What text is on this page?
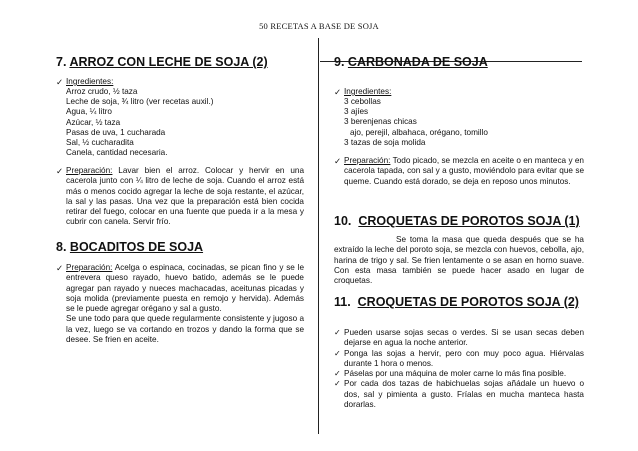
50 RECETAS A BASE DE SOJA
7. ARROZ CON LECHE DE SOJA (2)
✓ Ingredientes:
Arroz crudo, ½ taza
Leche de soja, ¾ litro (ver recetas auxil.)
Agua, ¼ litro
Azúcar, ½ taza
Pasas de uva, 1 cucharada
Sal, ½ cucharadita
Canela, cantidad necesaria.
✓ Preparación: Lavar bien el arroz. Colocar y hervir en una cacerola junto con ¼ litro de leche de soja. Cuando el arroz está más o menos cocido agregar la leche de soja restante, el azúcar, la sal y las pasas. Una vez que la preparación está bien cocida retirar del fuego, colocar en una fuente que pueda ir a la mesa y cubrir con canela. Servir frío.
8. BOCADITOS DE SOJA
✓ Preparación: Acelga o espinaca, cocinadas, se pican fino y se le entrevera queso rayado, huevo batido, además se le puede agregar pan rayado y nueces machacadas, aceitunas picadas y soja molida (previamente puesta en remojo y hervida). Además se le puede agregar orégano y sal a gusto.
Se une todo para que quede regularmente consistente y jugoso a la vez, luego se va cortando en trozos y dando la forma que se desee. Se frien en aceite.
9. CARBONADA DE SOJA
✓ Ingredientes:
3 cebollas
3 ajíes
3 berenjenas chicas
ajo, perejil, albahaca, orégano, tomillo
3 tazas de soja molida
✓ Preparación: Todo picado, se mezcla en aceite o en manteca y en cacerola tapada, con sal y a gusto, moviéndolo para evitar que se queme. Cuando está dorado, se deja en reposo unos minutos.
10. CROQUETAS DE POROTOS SOJA (1)
Se toma la masa que queda después que se ha extraído la leche del poroto soja, se mezcla con huevos, cebolla, ajo, harina de trigo y sal. Se frien lentamente o se asan en horno suave. Con esta masa también se puede hacer asado en lugar de croquetas.
11. CROQUETAS DE POROTOS SOJA (2)
✓ Pueden usarse sojas secas o verdes. Si se usan secas deben dejarse en agua la noche anterior.
✓ Ponga las sojas a hervir, pero con muy poco agua. Hiérvalas durante 1 hora o menos.
✓ Páselas por una máquina de moler carne lo más fina posible.
✓ Por cada dos tazas de habichuelas sojas añádale un huevo o dos, sal y pimienta a gusto. Fríalas en mucha manteca hasta dorarlas.
